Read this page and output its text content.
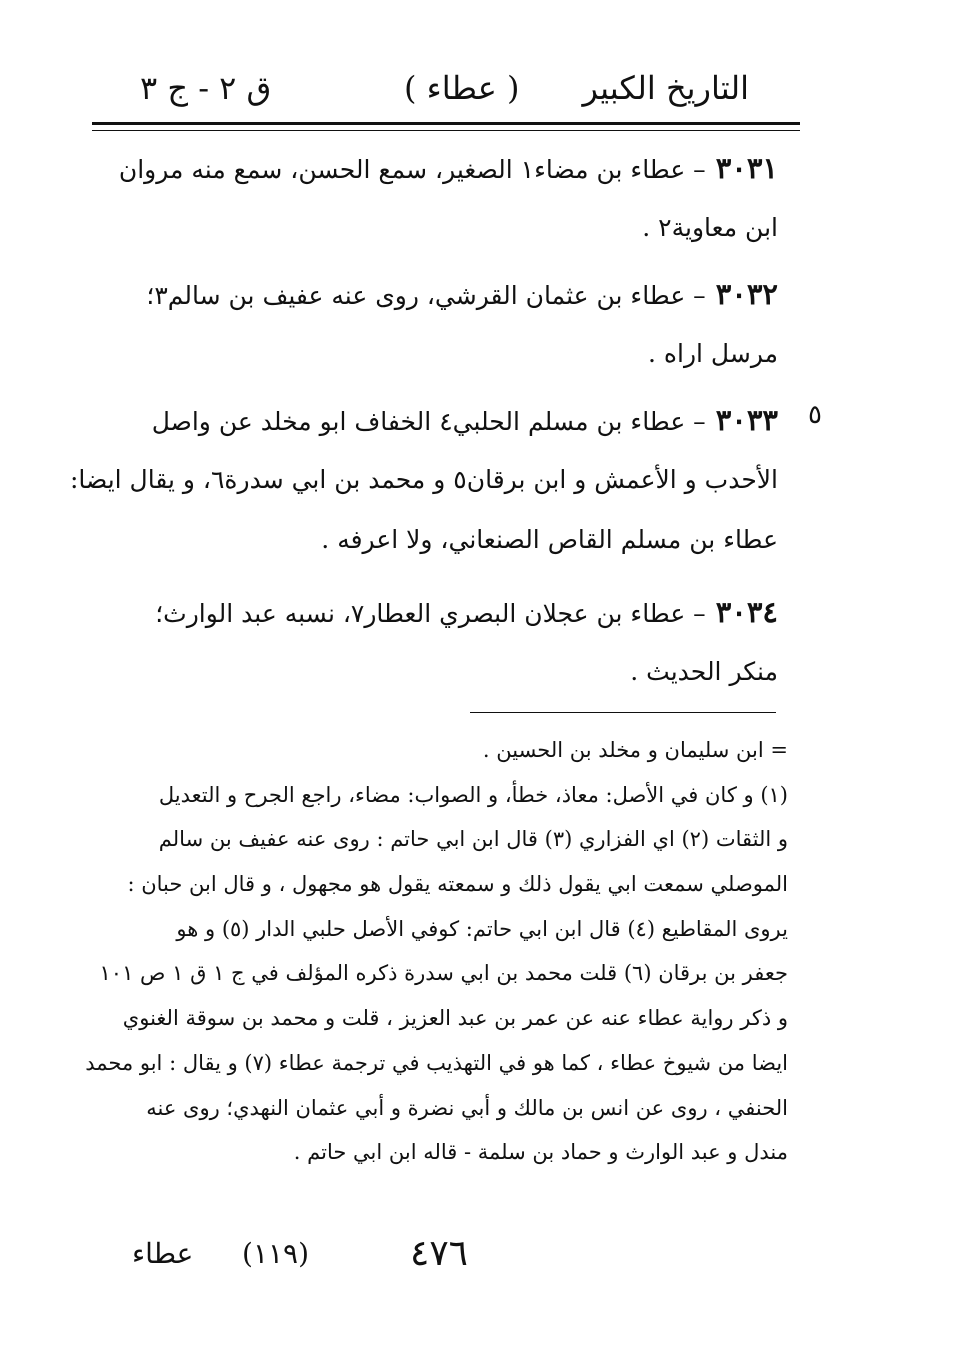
التاريخ الكبير
( عطاء )
ق ٢ - ج ٣
٣٠٣١– عطاء بن مضاء١ الصغير، سمع الحسن، سمع منه مروان
ابن معاوية٢ .
٣٠٣٢– عطاء بن عثمان القرشي، روى عنه عفيف بن سالم٣؛
مرسل اراه .
٥
٣٠٣٣– عطاء بن مسلم الحلبي٤ الخفاف ابو مخلد عن واصل
الأحدب و الأعمش و ابن برقان٥ و محمد بن ابي سدرة٦، و يقال ايضا:
عطاء بن مسلم القاص الصنعاني، ولا اعرفه .
٣٠٣٤– عطاء بن عجلان البصري العطار٧، نسبه عبد الوارث؛
منكر الحديث .
= ابن سليمان و مخلد بن الحسين .
(١) و كان في الأصل: معاذ، خطأ، و الصواب: مضاء، راجع الجرح و التعديل
و الثقات (٢) اي الفزاري (٣) قال ابن ابي حاتم : روى عنه عفيف بن سالم
الموصلي سمعت ابي يقول ذلك و سمعته يقول هو مجهول ، و قال ابن حبان :
يروى المقاطيع (٤) قال ابن ابي حاتم: كوفي الأصل حلبي الدار (٥) و هو
جعفر بن برقان (٦) قلت محمد بن ابي سدرة ذكره المؤلف في ج ١ ق ١ ص ١٠١
و ذكر رواية عطاء عنه عن عمر بن عبد العزيز ، قلت و محمد بن سوقة الغنوي
ايضا من شيوخ عطاء ، كما هو في التهذيب في ترجمة عطاء (٧) و يقال : ابو محمد
الحنفي ، روى عن انس بن مالك و أبي نضرة و أبي عثمان النهدي؛ روى عنه
مندل و عبد الوارث و حماد بن سلمة - قاله ابن ابي حاتم .
٤٧٦
(١١٩)
عطاء
